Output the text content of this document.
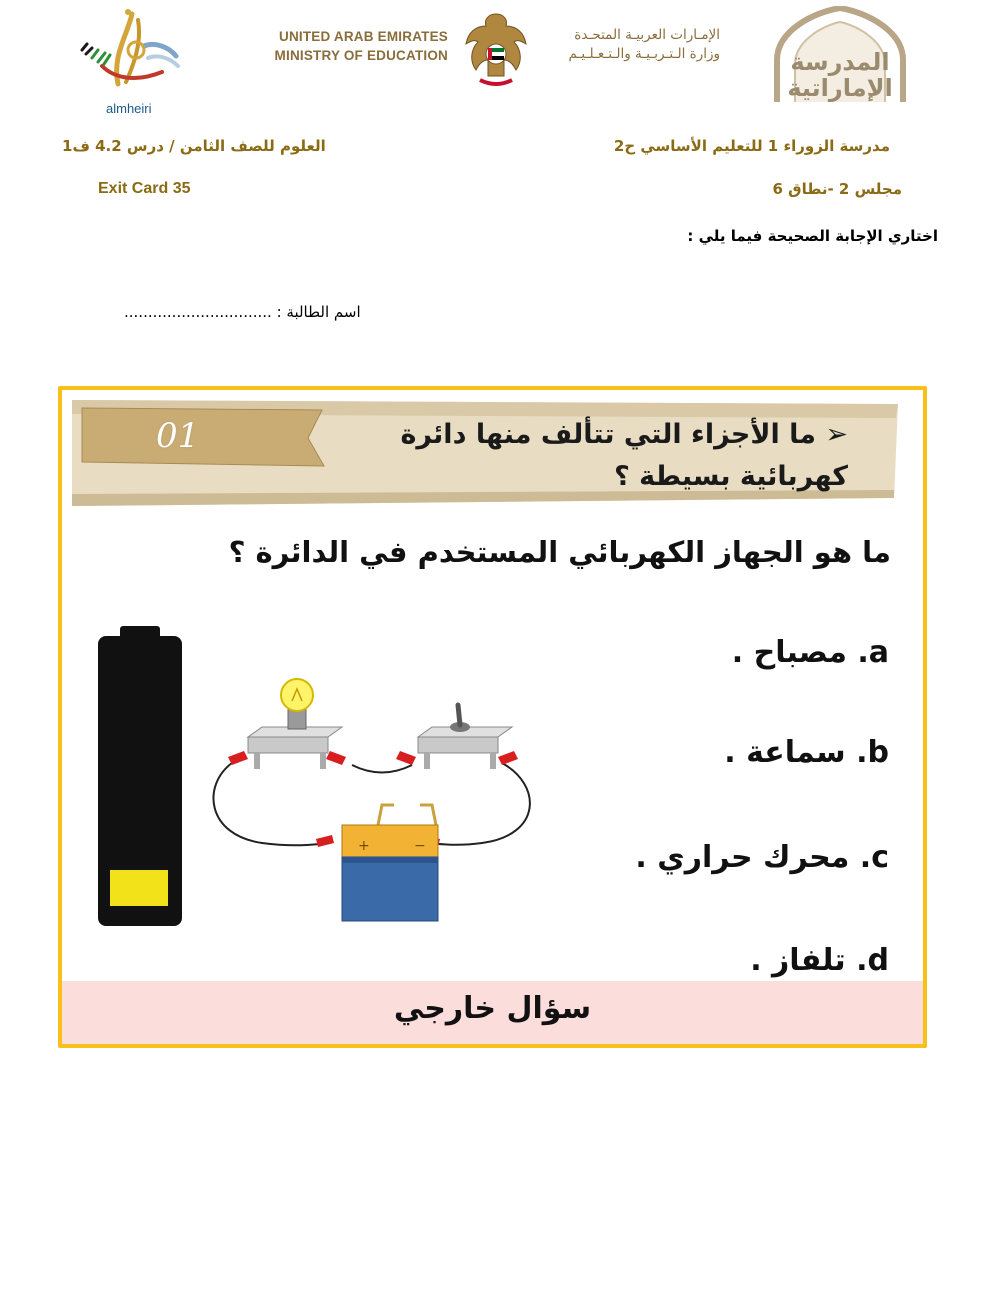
almheiri
UNITED ARAB EMIRATES
MINISTRY OF EDUCATION
الإمـارات العربيـة المتحـدة
وزارة الـتـربـيـة والـتـعـلـيـم	المدرسة
الإماراتية
مدرسة الزوراء 1 للتعليم الأساسي ح2
مجلس 2 -نطاق 6
العلوم للصف الثامن / درس 4.2 ف1
Exit Card 35
اختاري الإجابة الصحيحة فيما يلي :
اسم الطالبة : ...............................
01	➢ ما الأجزاء التي تتألف منها دائرة كهربائية بسيطة ؟
ما هو الجهاز الكهربائي المستخدم في الدائرة ؟
a. مصباح .
b. سماعة .
c. محرك حراري .
d. تلفاز .
+	−
سؤال خارجي
